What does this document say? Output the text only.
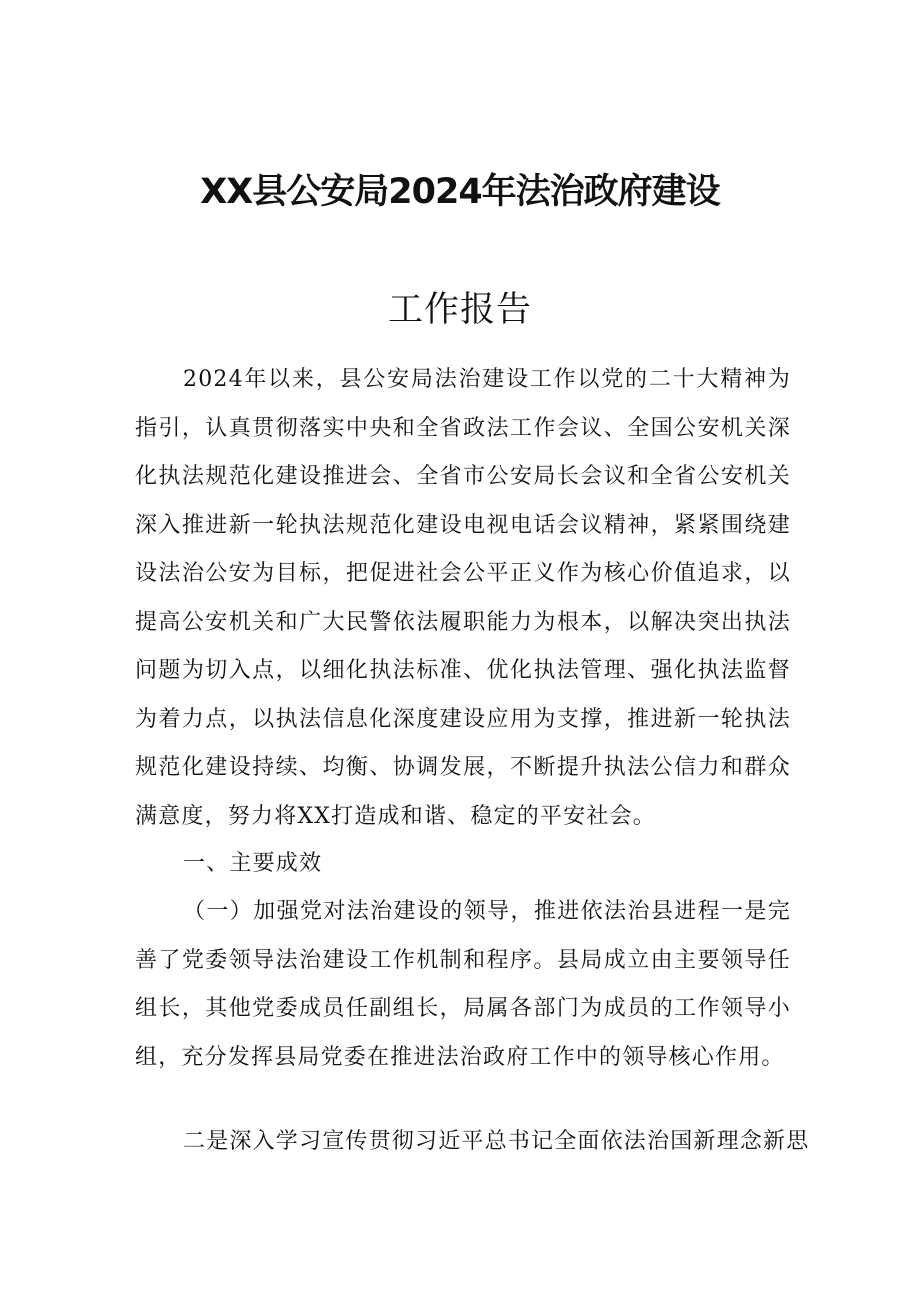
XX县公安局2024年法治政府建设
工作报告
2024年以来，县公安局法治建设工作以党的二十大精神为指引，认真贯彻落实中央和全省政法工作会议、全国公安机关深化执法规范化建设推进会、全省市公安局长会议和全省公安机关深入推进新一轮执法规范化建设电视电话会议精神，紧紧围绕建设法治公安为目标，把促进社会公平正义作为核心价值追求，以提高公安机关和广大民警依法履职能力为根本，以解决突出执法问题为切入点，以细化执法标准、优化执法管理、强化执法监督为着力点，以执法信息化深度建设应用为支撑，推进新一轮执法规范化建设持续、均衡、协调发展，不断提升执法公信力和群众满意度，努力将XX打造成和谐、稳定的平安社会。
一、主要成效
（一）加强党对法治建设的领导，推进依法治县进程一是完善了党委领导法治建设工作机制和程序。县局成立由主要领导任组长，其他党委成员任副组长，局属各部门为成员的工作领导小组，充分发挥县局党委在推进法治政府工作中的领导核心作用。
二是深入学习宣传贯彻习近平总书记全面依法治国新理念新思
